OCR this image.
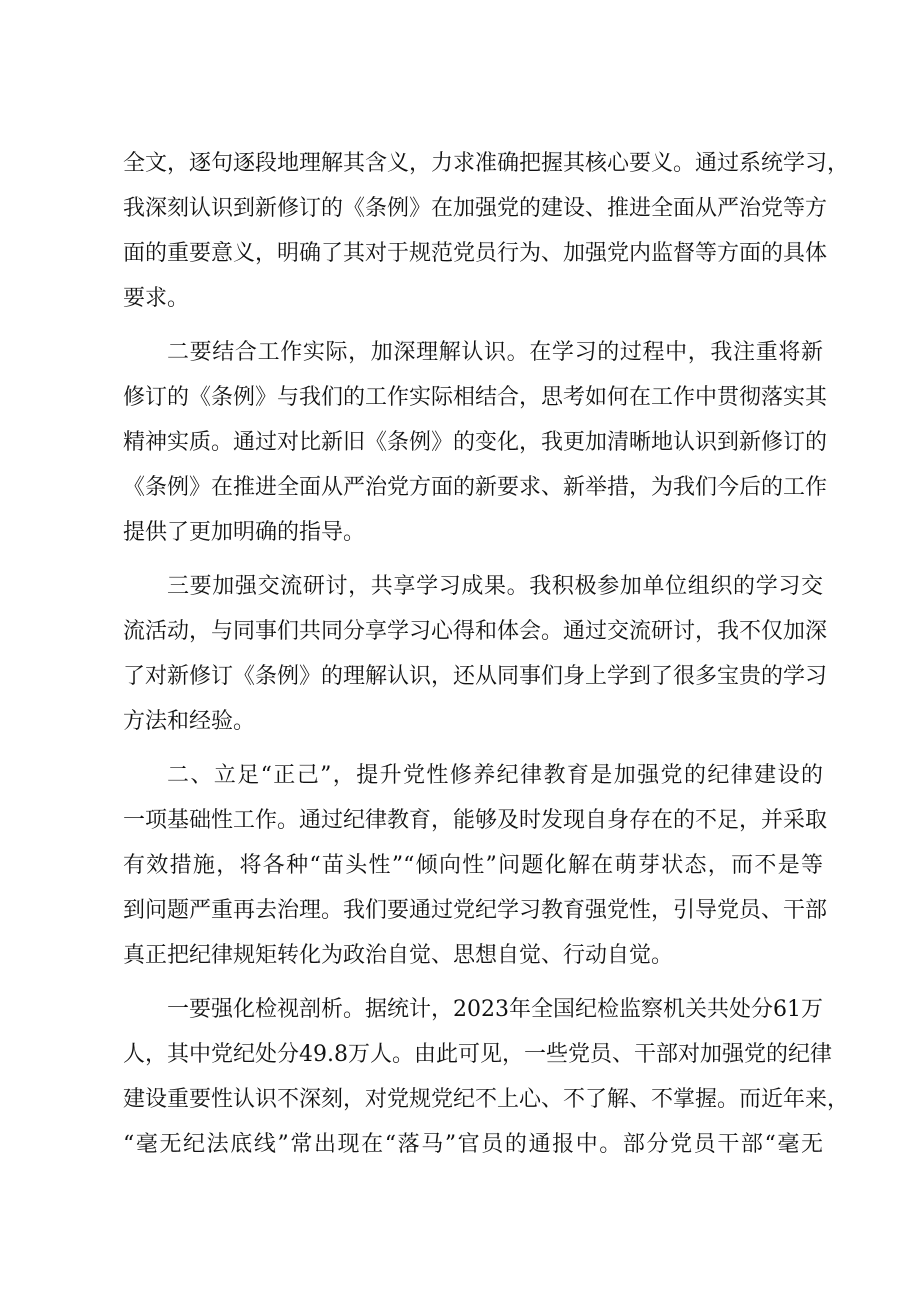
全文，逐句逐段地理解其含义，力求准确把握其核心要义。通过系统学习，
我深刻认识到新修订的《条例》在加强党的建设、推进全面从严治党等方
面的重要意义，明确了其对于规范党员行为、加强党内监督等方面的具体
要求。
二要结合工作实际，加深理解认识。在学习的过程中，我注重将新
修订的《条例》与我们的工作实际相结合，思考如何在工作中贯彻落实其
精神实质。通过对比新旧《条例》的变化，我更加清晰地认识到新修订的
《条例》在推进全面从严治党方面的新要求、新举措，为我们今后的工作
提供了更加明确的指导。
三要加强交流研讨，共享学习成果。我积极参加单位组织的学习交
流活动，与同事们共同分享学习心得和体会。通过交流研讨，我不仅加深
了对新修订《条例》的理解认识，还从同事们身上学到了很多宝贵的学习
方法和经验。
二、立足“正己”，提升党性修养纪律教育是加强党的纪律建设的
一项基础性工作。通过纪律教育，能够及时发现自身存在的不足，并采取
有效措施，将各种“苗头性”“倾向性”问题化解在萌芽状态，而不是等
到问题严重再去治理。我们要通过党纪学习教育强党性，引导党员、干部
真正把纪律规矩转化为政治自觉、思想自觉、行动自觉。
一要强化检视剖析。据统计，2023年全国纪检监察机关共处分61万
人，其中党纪处分49.8万人。由此可见，一些党员、干部对加强党的纪律
建设重要性认识不深刻，对党规党纪不上心、不了解、不掌握。而近年来，
“毫无纪法底线”常出现在“落马”官员的通报中。部分党员干部“毫无
